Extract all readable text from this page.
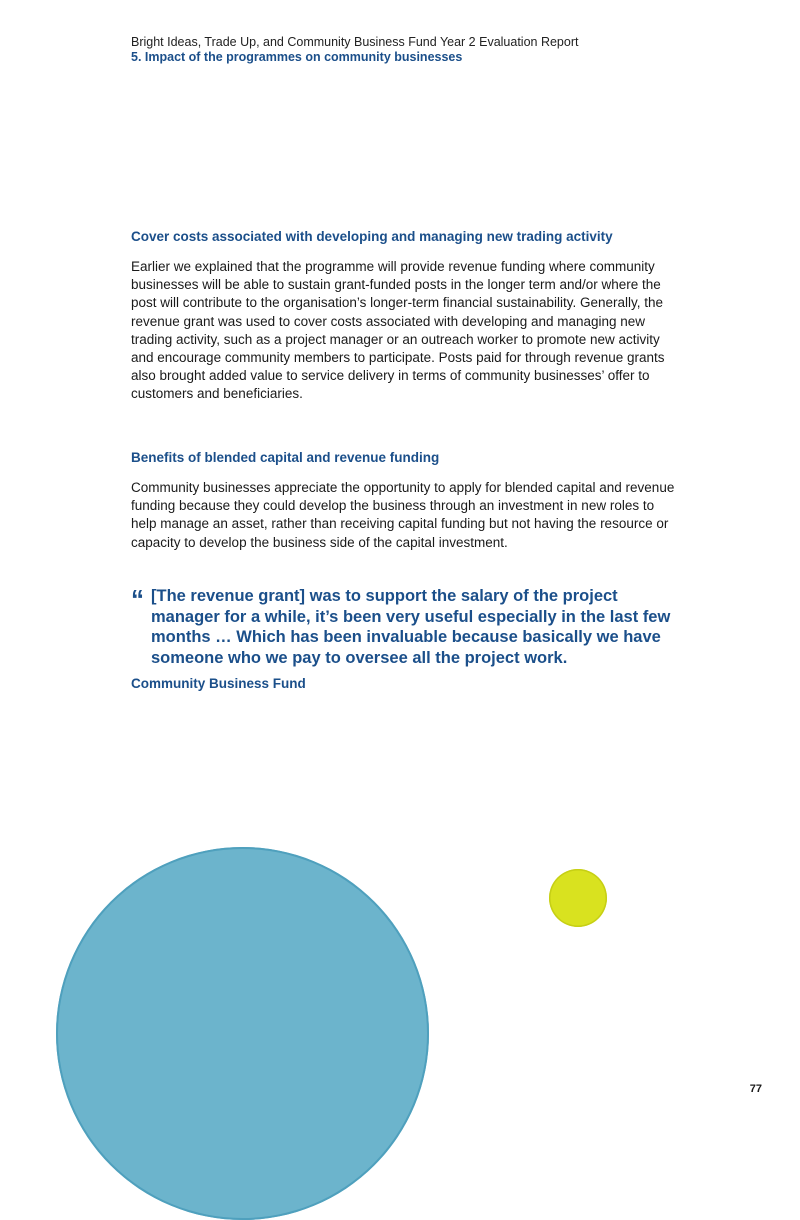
Bright Ideas, Trade Up, and Community Business Fund Year 2 Evaluation Report
5. Impact of the programmes on community businesses
Cover costs associated with developing and managing new trading activity

Earlier we explained that the programme will provide revenue funding where community businesses will be able to sustain grant-funded posts in the longer term and/or where the post will contribute to the organisation’s longer-term financial sustainability. Generally, the revenue grant was used to cover costs associated with developing and managing new trading activity, such as a project manager or an outreach worker to promote new activity and encourage community members to participate. Posts paid for through revenue grants also brought added value to service delivery in terms of community businesses’ offer to customers and beneficiaries.

Benefits of blended capital and revenue funding

Community businesses appreciate the opportunity to apply for blended capital and revenue funding because they could develop the business through an investment in new roles to help manage an asset, rather than receiving capital funding but not having the resource or capacity to develop the business side of the capital investment.

“ [The revenue grant] was to support the salary of the project manager for a while, it’s been very useful especially in the last few months … Which has been invaluable because basically we have someone who we pay to oversee all the project work.
Community Business Fund
77
